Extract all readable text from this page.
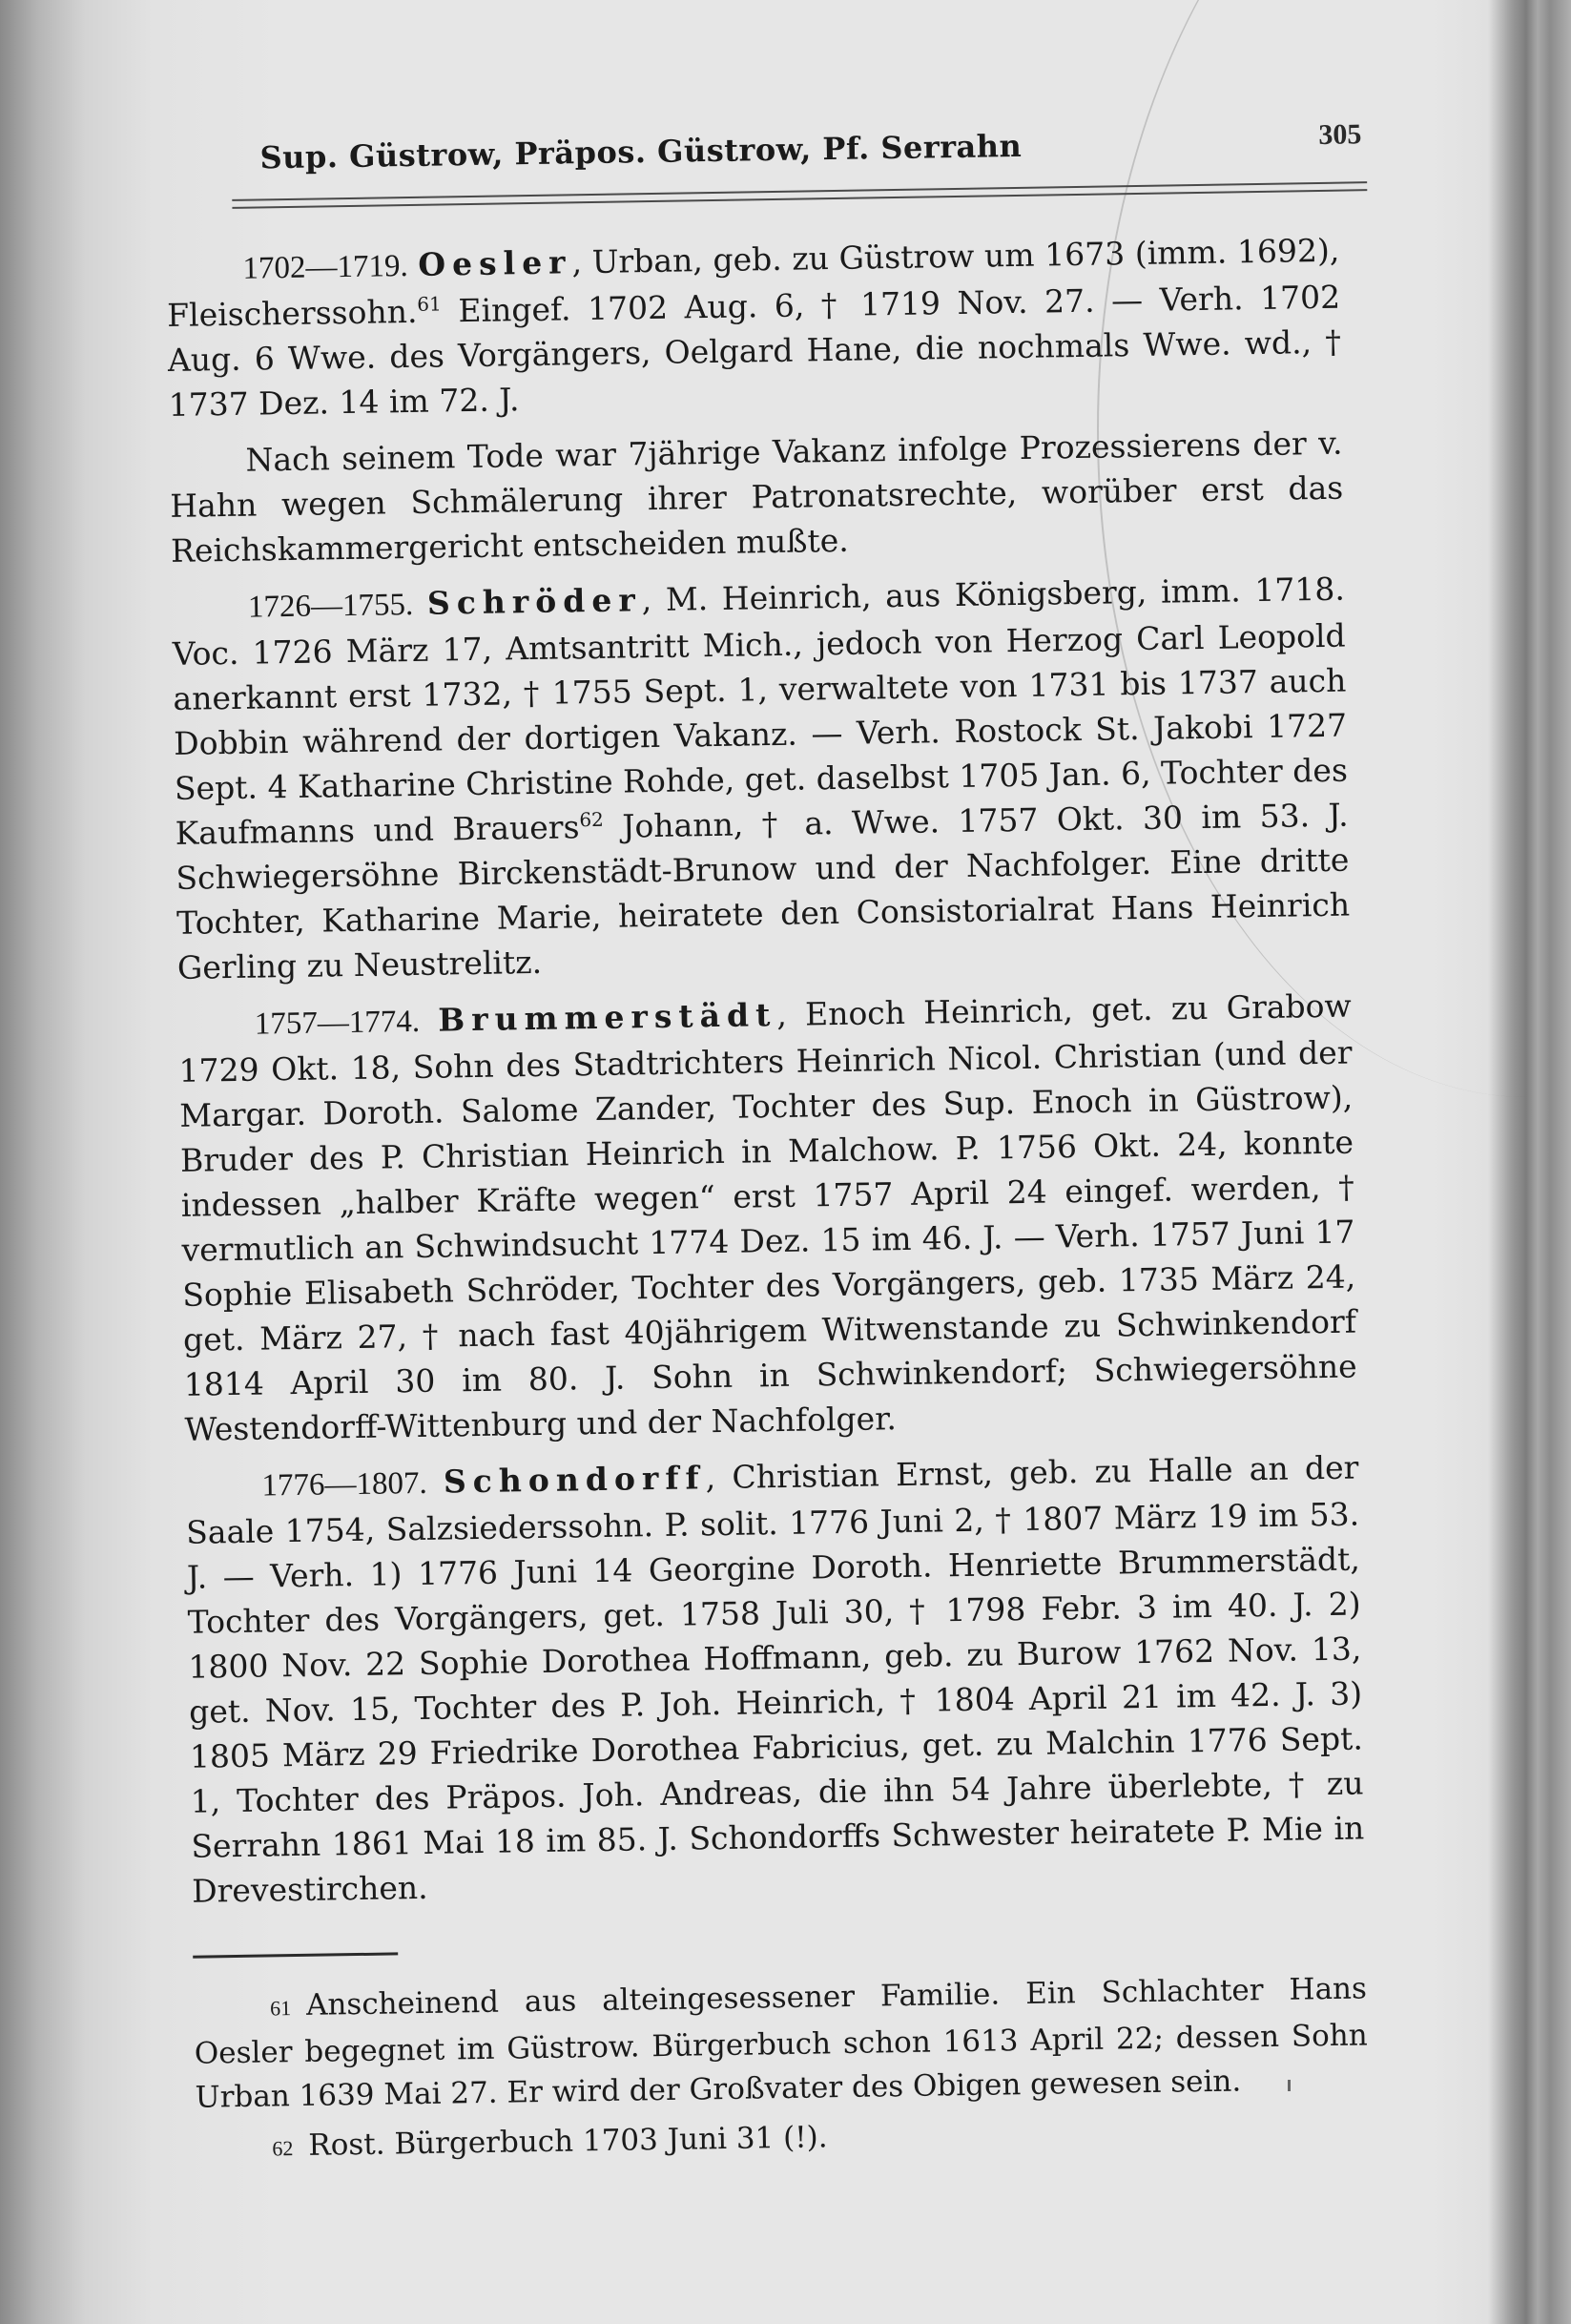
Sup. Güstrow, Präpos. Güstrow, Pf. Serrahn	305

1702—1719. Oesler, Urban, geb. zu Güstrow um 1673 (imm. 1692), Fleischerssohn.$^{61}$ Eingef. 1702 Aug. 6, † 1719 Nov. 27. — Verh. 1702 Aug. 6 Wwe. des Vorgängers, Oelgard Hane, die nochmals Wwe. wd., † 1737 Dez. 14 im 72. J.

Nach seinem Tode war 7jährige Vakanz infolge Prozessierens der v. Hahn wegen Schmälerung ihrer Patronatsrechte, worüber erst das Reichskammergericht entscheiden mußte.

1726—1755. Schröder, M. Heinrich, aus Königsberg, imm. 1718. Voc. 1726 März 17, Amtsantritt Mich., jedoch von Herzog Carl Leopold anerkannt erst 1732, † 1755 Sept. 1, verwaltete von 1731 bis 1737 auch Dobbin während der dortigen Vakanz. — Verh. Rostock St. Jakobi 1727 Sept. 4 Katharine Christine Rohde, get. daselbst 1705 Jan. 6, Tochter des Kaufmanns und Brauers$^{62}$ Johann, † a. Wwe. 1757 Okt. 30 im 53. J. Schwiegersöhne Birckenstädt-Brunow und der Nachfolger. Eine dritte Tochter, Katharine Marie, heiratete den Consistorialrat Hans Heinrich Gerling zu Neustrelitz.

1757—1774. Brummerstädt, Enoch Heinrich, get. zu Grabow 1729 Okt. 18, Sohn des Stadtrichters Heinrich Nicol. Christian (und der Margar. Doroth. Salome Zander, Tochter des Sup. Enoch in Güstrow), Bruder des P. Christian Heinrich in Malchow. P. 1756 Okt. 24, konnte indessen „halber Kräfte wegen“ erst 1757 April 24 eingef. werden, † vermutlich an Schwindsucht 1774 Dez. 15 im 46. J. — Verh. 1757 Juni 17 Sophie Elisabeth Schröder, Tochter des Vorgängers, geb. 1735 März 24, get. März 27, † nach fast 40jährigem Witwenstande zu Schwinkendorf 1814 April 30 im 80. J. Sohn in Schwinkendorf; Schwiegersöhne Westendorff-Wittenburg und der Nachfolger.

1776—1807. Schondorff, Christian Ernst, geb. zu Halle an der Saale 1754, Salzsiederssohn. P. solit. 1776 Juni 2, † 1807 März 19 im 53. J. — Verh. 1) 1776 Juni 14 Georgine Doroth. Henriette Brummerstädt, Tochter des Vorgängers, get. 1758 Juli 30, † 1798 Febr. 3 im 40. J. 2) 1800 Nov. 22 Sophie Dorothea Hoffmann, geb. zu Burow 1762 Nov. 13, get. Nov. 15, Tochter des P. Joh. Heinrich, † 1804 April 21 im 42. J. 3) 1805 März 29 Friedrike Dorothea Fabricius, get. zu Malchin 1776 Sept. 1, Tochter des Präpos. Joh. Andreas, die ihn 54 Jahre überlebte, † zu Serrahn 1861 Mai 18 im 85. J. Schondorffs Schwester heiratete P. Mie in Drevestirchen.

61 Anscheinend aus alteingesessener Familie. Ein Schlachter Hans Oesler begegnet im Güstrow. Bürgerbuch schon 1613 April 22; dessen Sohn Urban 1639 Mai 27. Er wird der Großvater des Obigen gewesen sein.

62 Rost. Bürgerbuch 1703 Juni 31 (!).
